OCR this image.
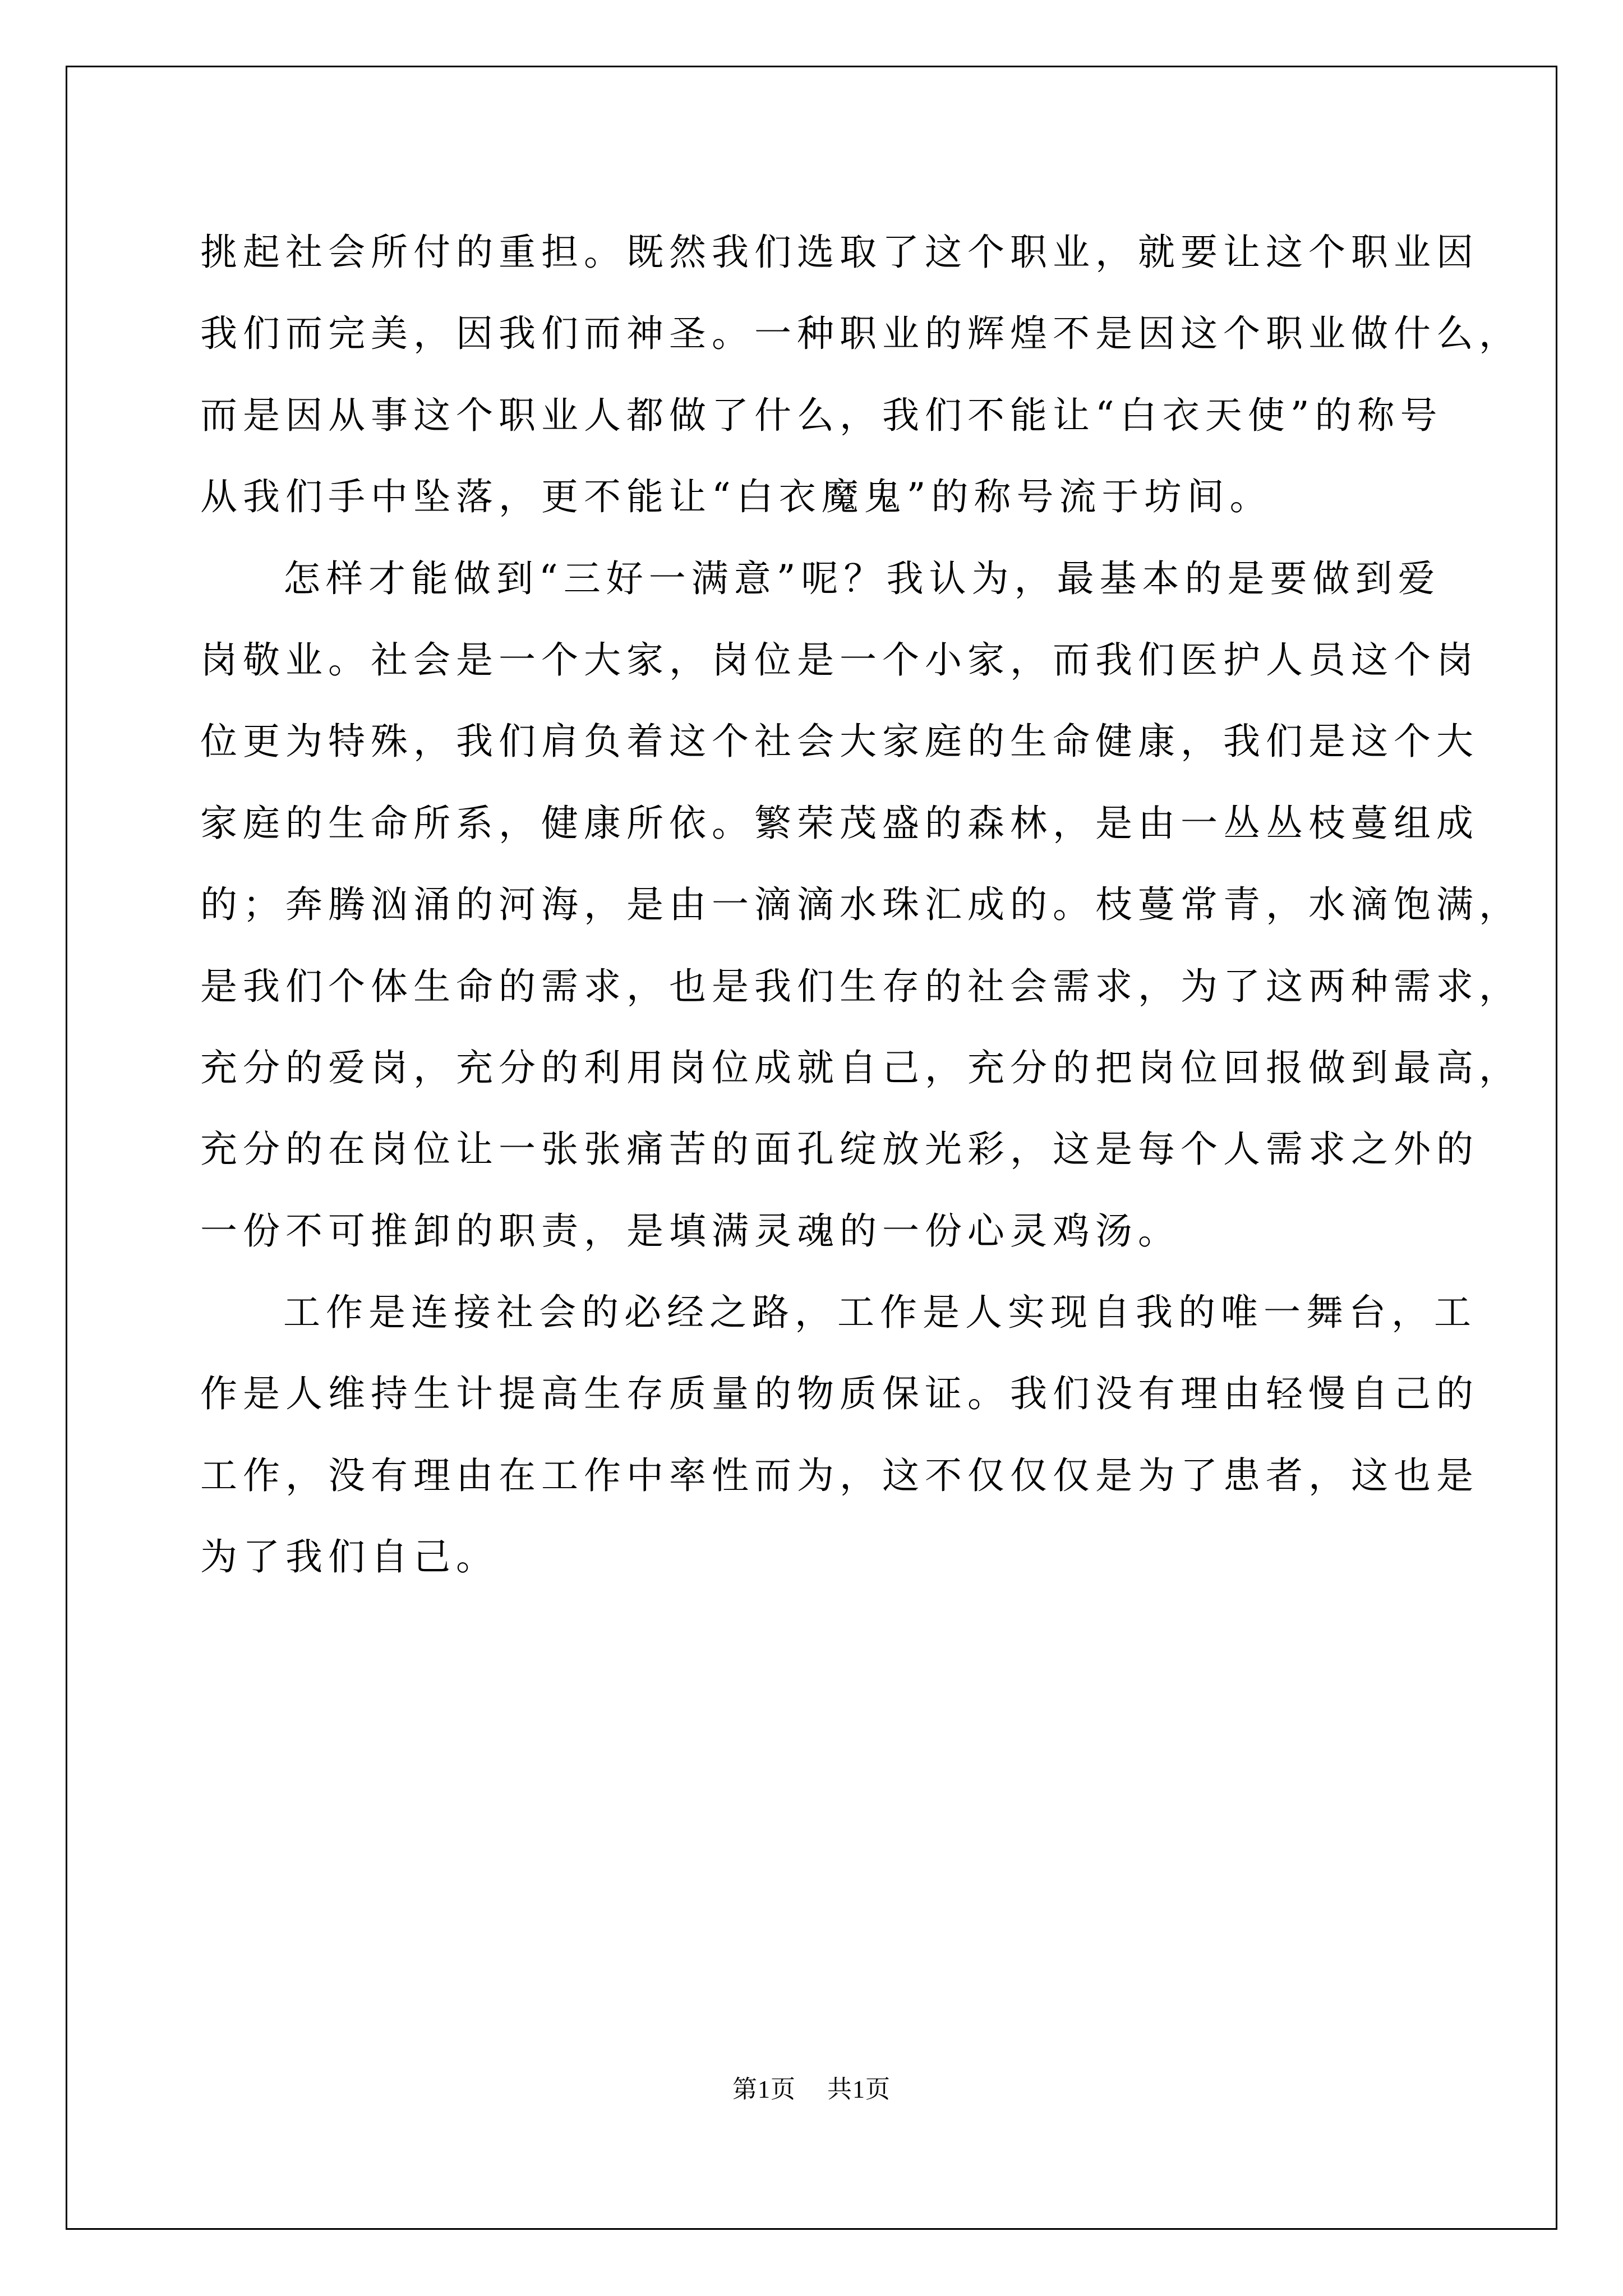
挑起社会所付的重担。既然我们选取了这个职业，就要让这个职业因
我们而完美，因我们而神圣。一种职业的辉煌不是因这个职业做什么，
而是因从事这个职业人都做了什么，我们不能让“白衣天使”的称号
从我们手中坠落，更不能让“白衣魔鬼”的称号流于坊间。
怎样才能做到“三好一满意”呢？我认为，最基本的是要做到爱
岗敬业。社会是一个大家，岗位是一个小家，而我们医护人员这个岗
位更为特殊，我们肩负着这个社会大家庭的生命健康，我们是这个大
家庭的生命所系，健康所依。繁荣茂盛的森林，是由一丛丛枝蔓组成
的；奔腾汹涌的河海，是由一滴滴水珠汇成的。枝蔓常青，水滴饱满，
是我们个体生命的需求，也是我们生存的社会需求，为了这两种需求，
充分的爱岗，充分的利用岗位成就自己，充分的把岗位回报做到最高，
充分的在岗位让一张张痛苦的面孔绽放光彩，这是每个人需求之外的
一份不可推卸的职责，是填满灵魂的一份心灵鸡汤。
工作是连接社会的必经之路，工作是人实现自我的唯一舞台，工
作是人维持生计提高生存质量的物质保证。我们没有理由轻慢自己的
工作，没有理由在工作中率性而为，这不仅仅仅是为了患者，这也是
为了我们自己。
第1页 共1页
